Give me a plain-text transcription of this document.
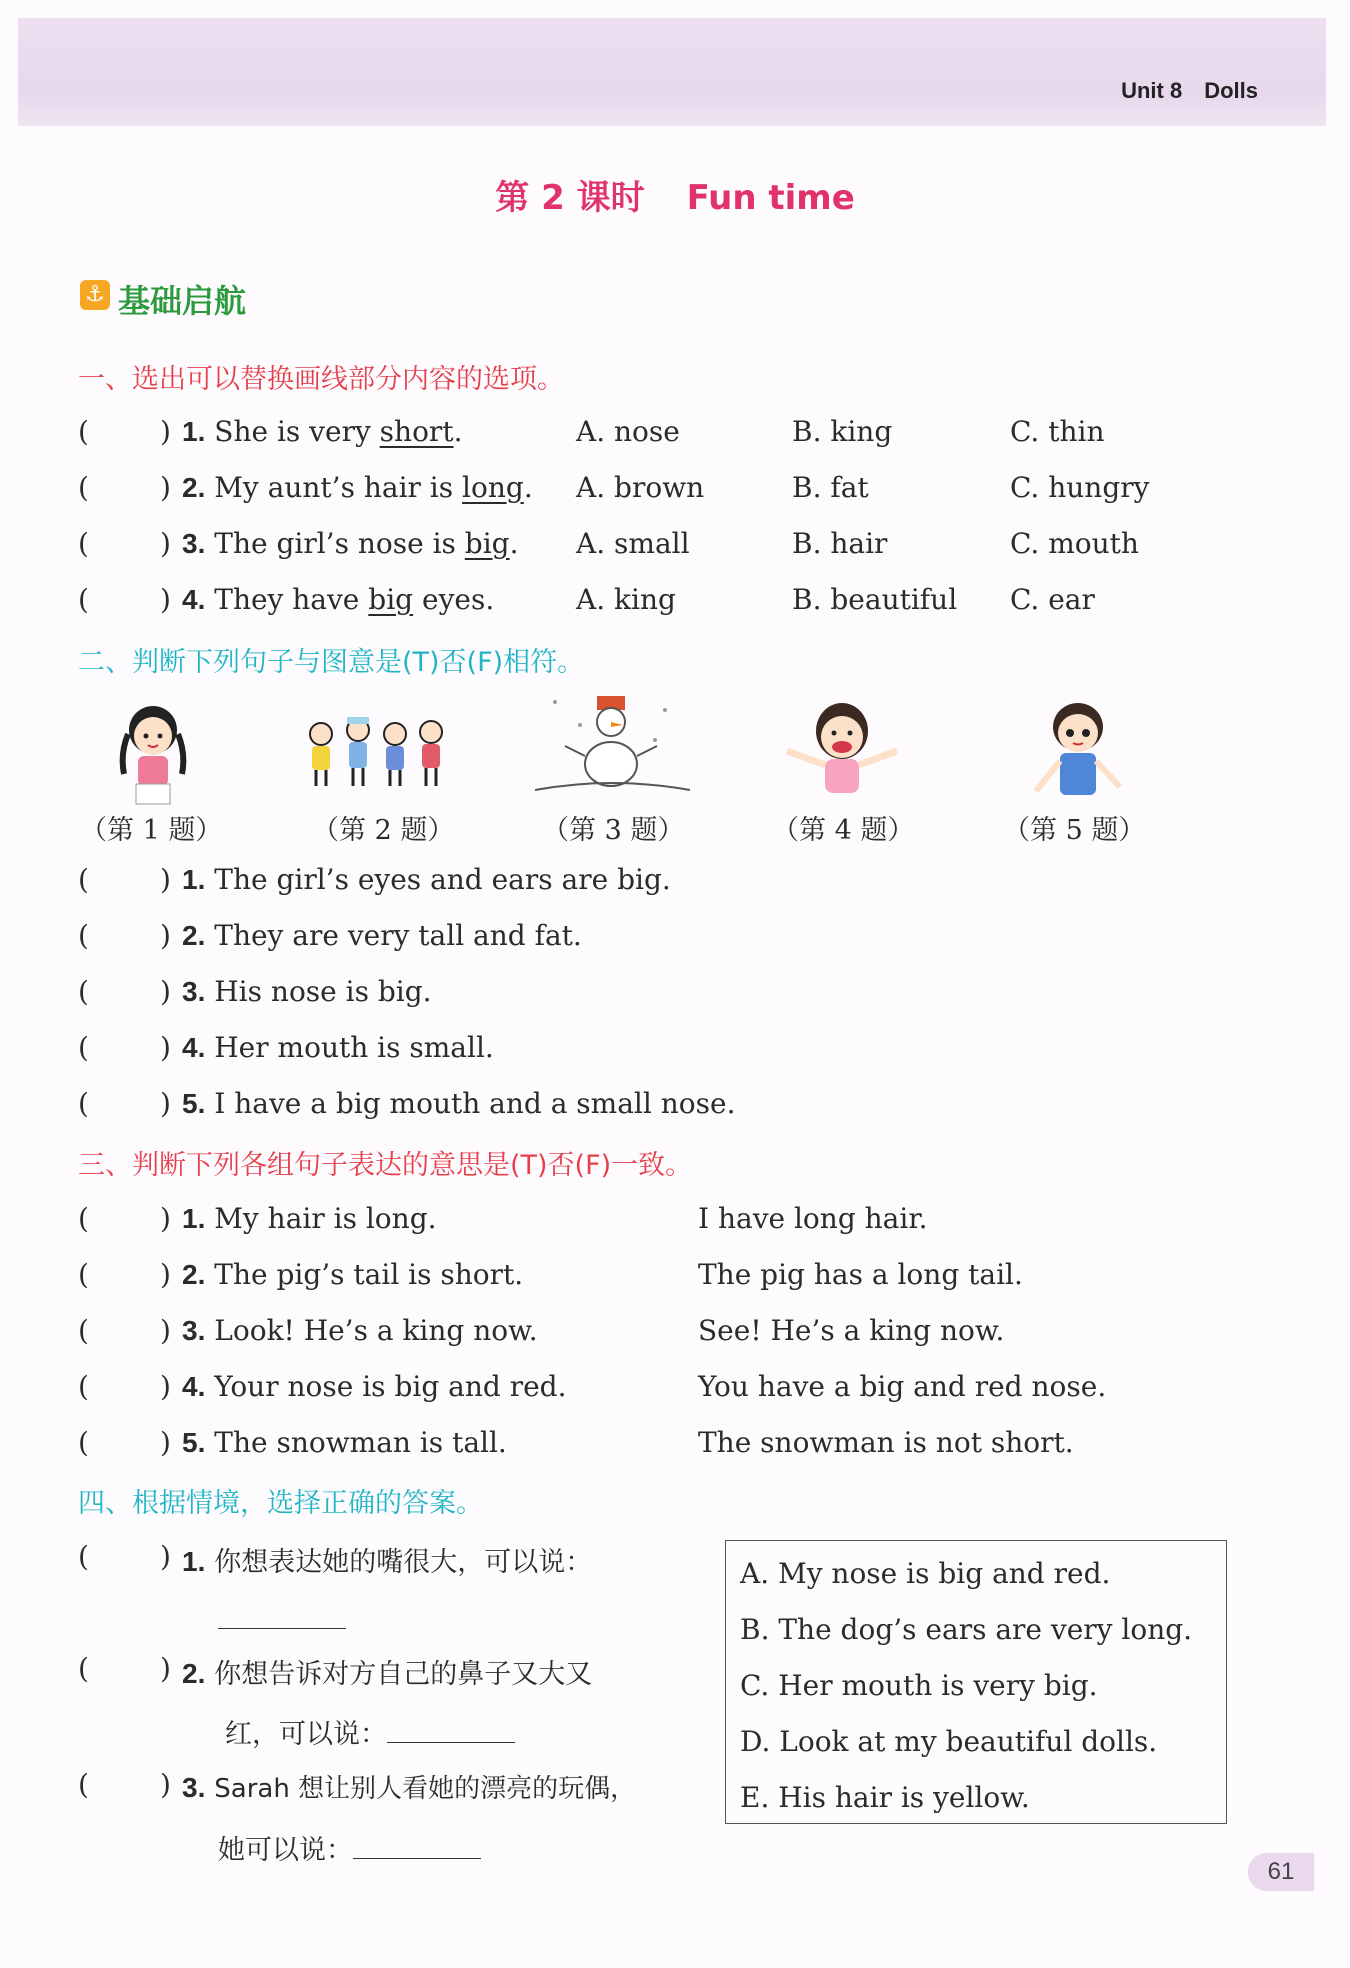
Unit 8 Dolls
第 2 课时 Fun time
⚓ 基础启航
一、选出可以替换画线部分内容的选项。
(	) 1. She is very short.	A. nose	B. king	C. thin
(	) 2. My aunt’s hair is long. A. brown	B. fat	C. hungry
(	) 3. The girl’s nose is big. A. small	B. hair	C. mouth
(	) 4. They have big eyes.	A. king	B. beautiful C. ear
二、判断下列句子与图意是(T)否(F)相符。
（第 1 题）	（第 2 题）	（第 3 题）	（第 4 题）	（第 5 题）
(	) 1. The girl’s eyes and ears are big.
(	) 2. They are very tall and fat.
(	) 3. His nose is big.
(	) 4. Her mouth is small.
(	) 5. I have a big mouth and a small nose.
三、判断下列各组句子表达的意思是(T)否(F)一致。
(	) 1. My hair is long.	I have long hair.
(	) 2. The pig’s tail is short.	The pig has a long tail.
(	) 3. Look! He’s a king now.	See! He’s a king now.
(	) 4. Your nose is big and red.	You have a big and red nose.
(	) 5. The snowman is tall.	The snowman is not short.
四、根据情境，选择正确的答案。
(	) 1. 你想表达她的嘴很大，可以说：
(	) 2. 你想告诉对方自己的鼻子又大又
红，可以说：
(	) 3. Sarah 想让别人看她的漂亮的玩偶，
她可以说：
A. My nose is big and red.
B. The dog’s ears are very long.
C. Her mouth is very big.
D. Look at my beautiful dolls.
E. His hair is yellow.
61
